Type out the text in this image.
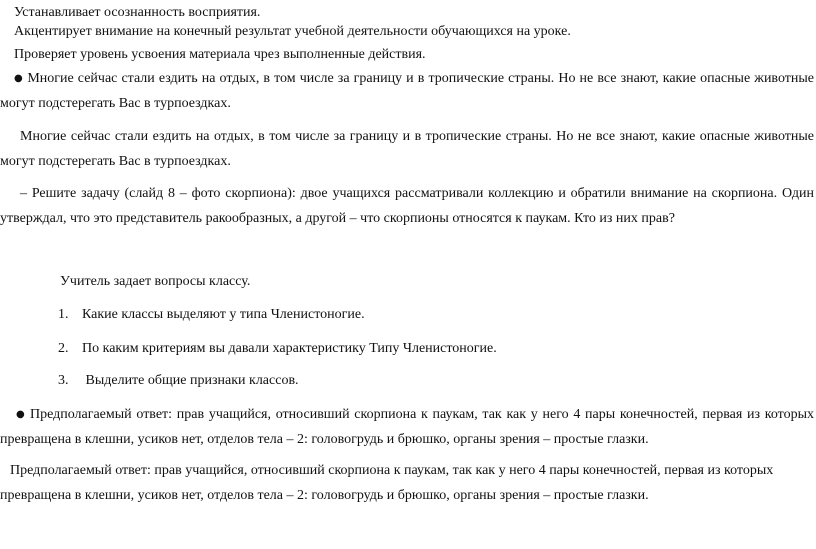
Устанавливает осознанность восприятия.
Акцентирует внимание на конечный результат учебной деятельности обучающихся на уроке.
Проверяет уровень усвоения материала чрез выполненные действия.
● Многие сейчас стали ездить на отдых, в том числе за границу и в тропические страны. Но не все знают, какие опасные животные могут подстерегать Вас в турпоездках.
Многие сейчас стали ездить на отдых, в том числе за границу и в тропические страны. Но не все знают, какие опасные животные могут подстерегать Вас в турпоездках.
– Решите задачу (слайд 8 – фото скорпиона): двое учащихся рассматривали коллекцию и обратили внимание на скорпиона. Один утверждал, что это представитель ракообразных, а другой – что скорпионы относятся к паукам. Кто из них прав?
Учитель задает вопросы классу.
1. Какие классы выделяют у типа Членистоногие.
2. По каким критериям вы давали характеристику Типу Членистоногие.
3. Выделите общие признаки классов.
● Предполагаемый ответ: прав учащийся, относивший скорпиона к паукам, так как у него 4 пары конечностей, первая из которых превращена в клешни, усиков нет, отделов тела – 2: головогрудь и брюшко, органы зрения – простые глазки.
Предполагаемый ответ: прав учащийся, относивший скорпиона к паукам, так как у него 4 пары конечностей, первая из которых превращена в клешни, усиков нет, отделов тела – 2: головогрудь и брюшко, органы зрения – простые глазки.
